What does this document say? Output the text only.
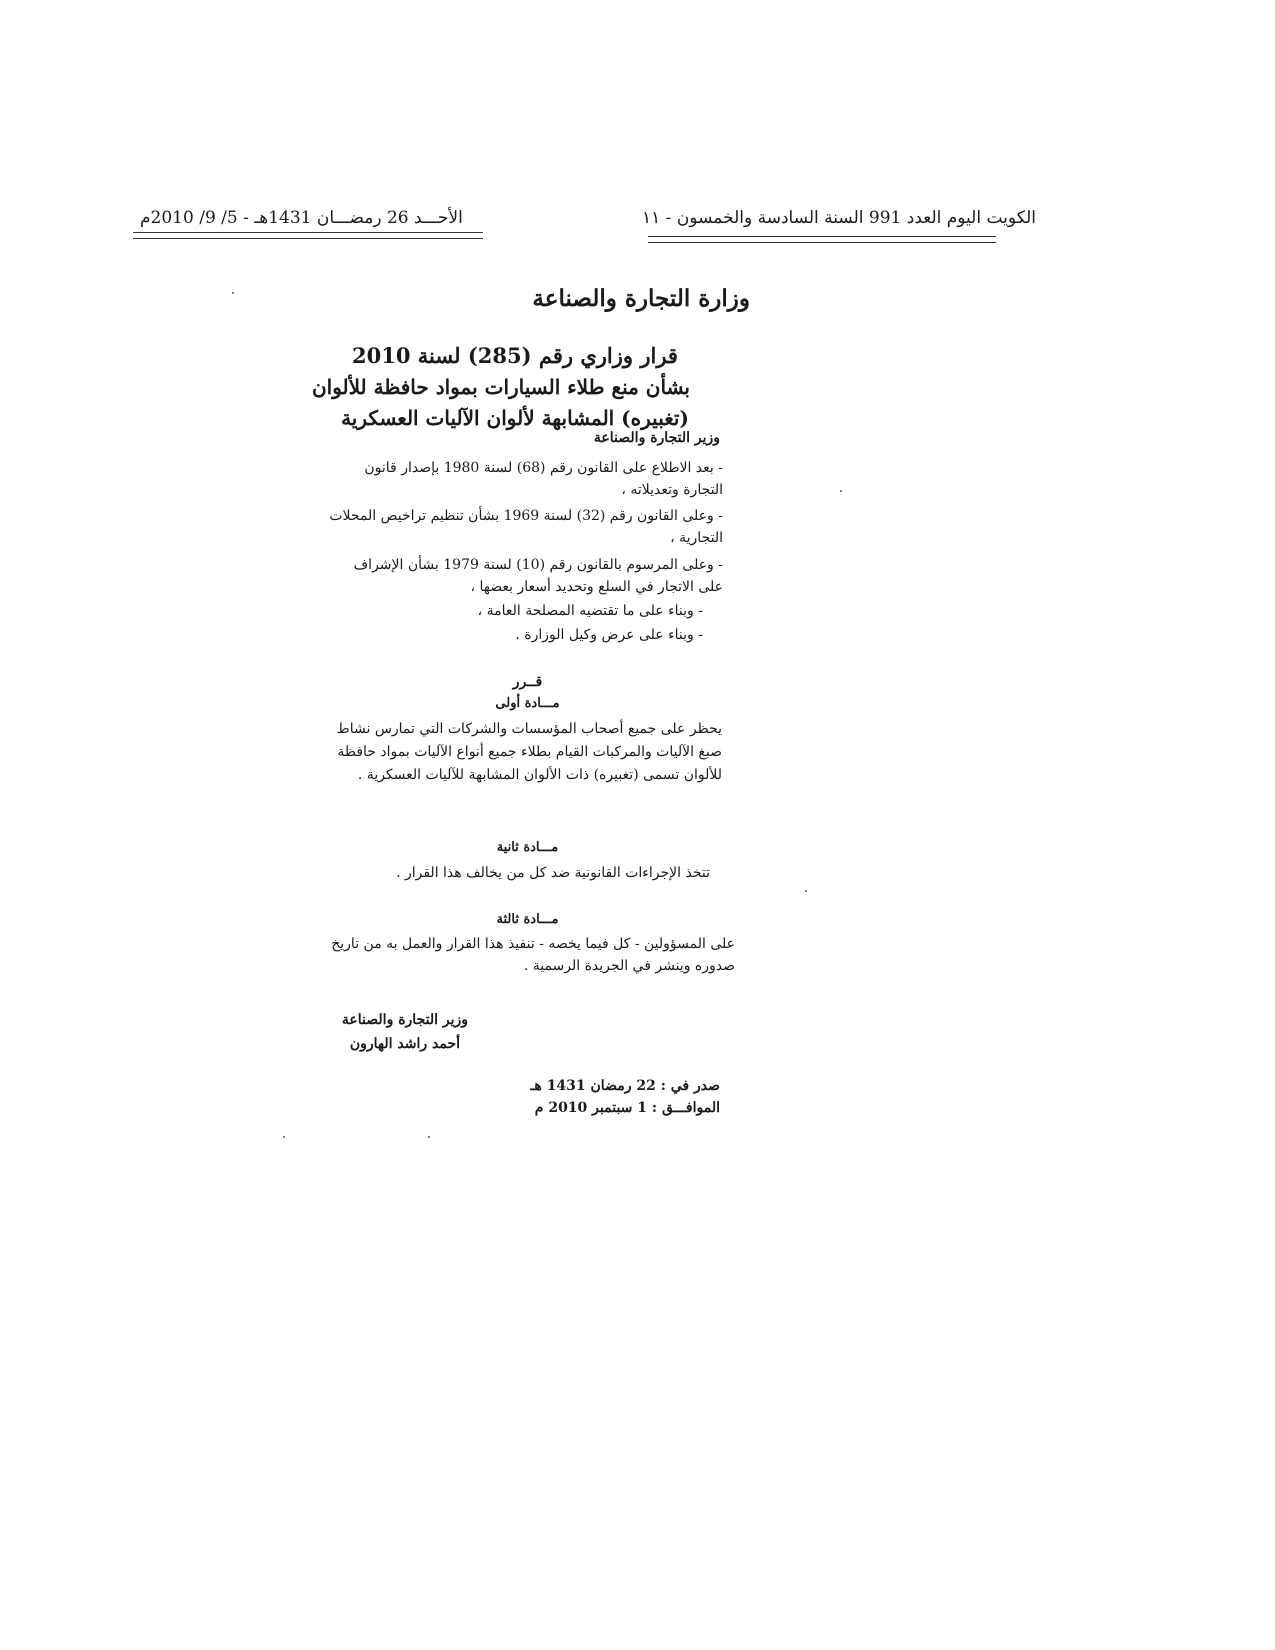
الكويت اليوم العدد 991 السنة السادسة والخمسون - ١١
الأحـــد 26 رمضـــان 1431هـ - 5/ 9/ 2010م
وزارة التجارة والصناعة
قرار وزاري رقم (285) لسنة 2010
بشأن منع طلاء السيارات بمواد حافظة للألوان
(تغبيره) المشابهة لألوان الآليات العسكرية
وزير التجارة والصناعة
- بعد الاطلاع على القانون رقم (68) لسنة 1980 بإصدار قانون التجارة وتعديلاته ،
- وعلى القانون رقم (32) لسنة 1969 بشأن تنظيم تراخيص المحلات التجارية ،
- وعلى المرسوم بالقانون رقم (10) لسنة 1979 بشأن الإشراف على الاتجار في السلع وتحديد أسعار بعضها ،
- وبناء على ما تقتضيه المصلحة العامة ،
- وبناء على عرض وكيل الوزارة .
قــرر
مـــادة أولى
يحظر على جميع أصحاب المؤسسات والشركات التي تمارس نشاط صبغ الآليات والمركبات القيام بطلاء جميع أنواع الآليات بمواد حافظة للألوان تسمى (تغبيره) ذات الألوان المشابهة للآليات العسكرية .
مـــادة ثانية
تتخذ الإجراءات القانونية ضد كل من يخالف هذا القرار .
مـــادة ثالثة
على المسؤولين - كل فيما يخصه - تنفيذ هذا القرار والعمل به من تاريخ صدوره وينشر في الجريدة الرسمية .
وزير التجارة والصناعة
أحمد راشد الهارون
صدر في : 22 رمضان 1431 هـ
الموافـــق : 1 سبتمبر 2010 م
